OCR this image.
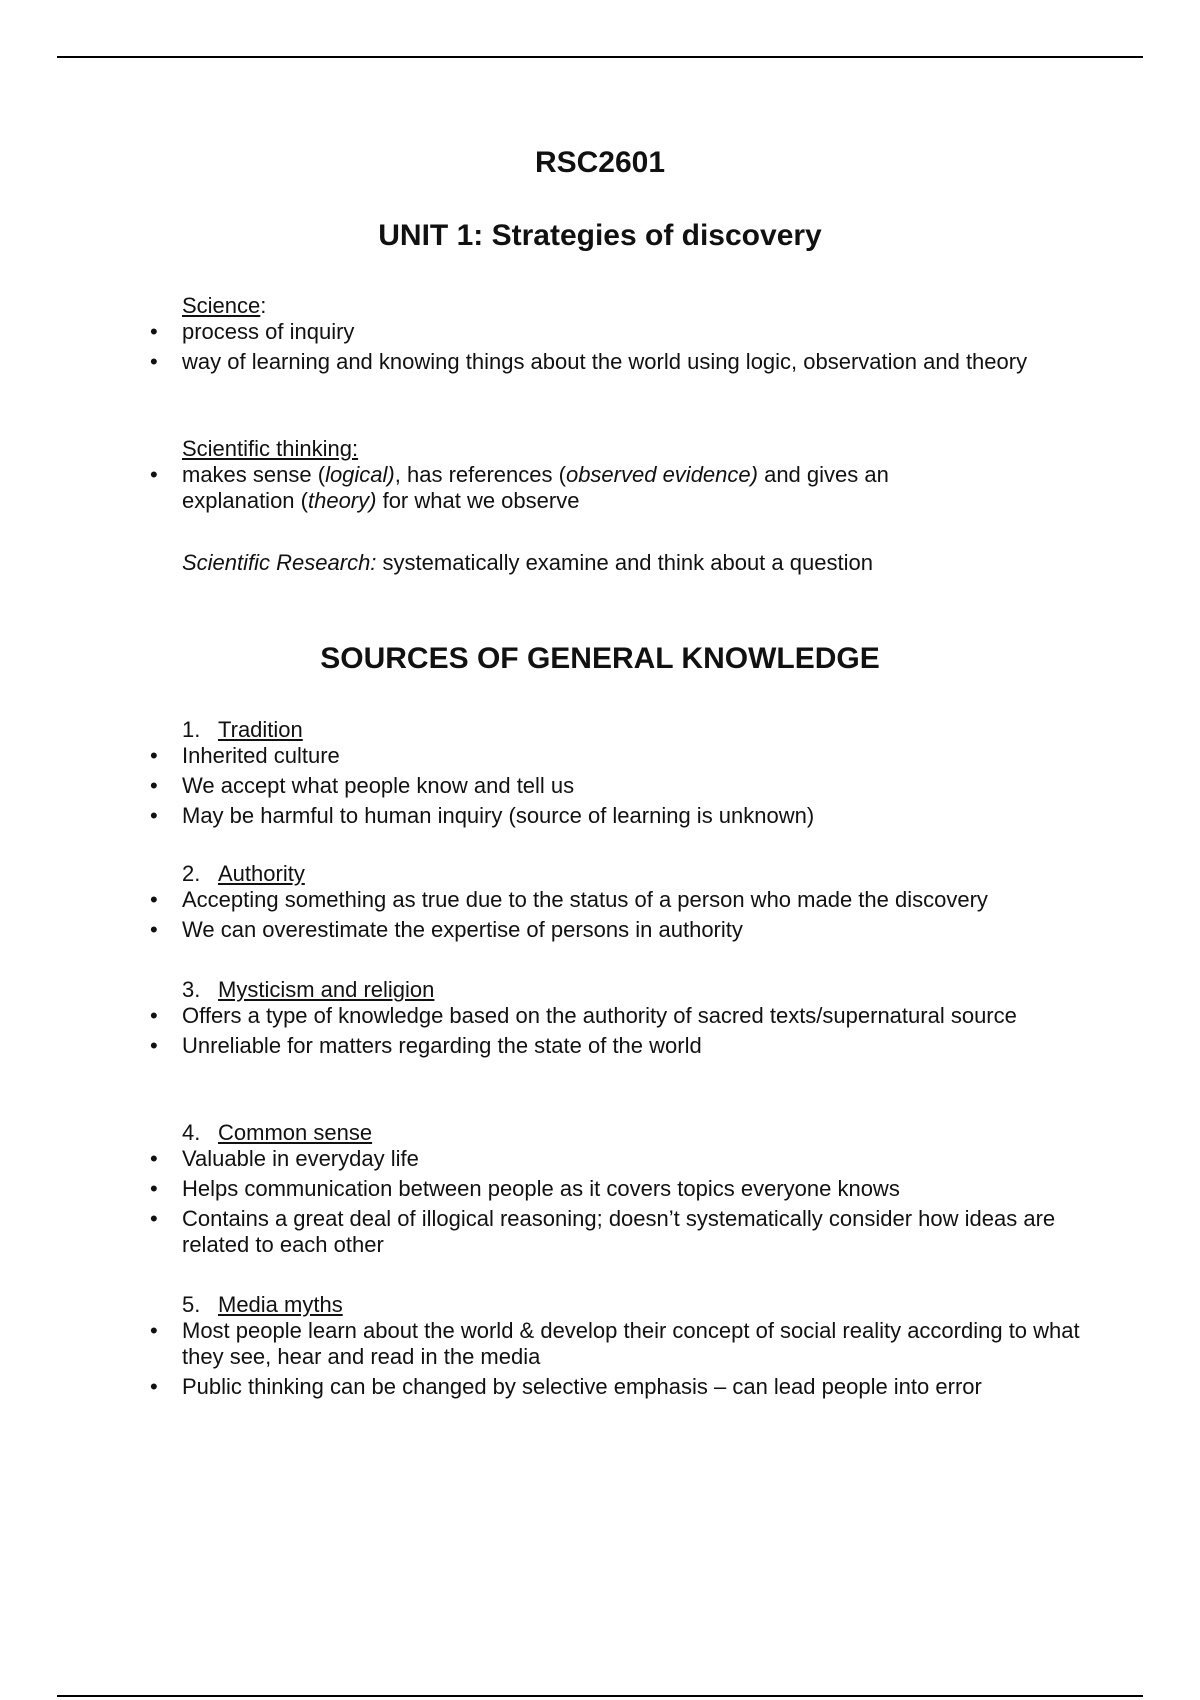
RSC2601
UNIT 1: Strategies of discovery
Science:
• process of inquiry
• way of learning and knowing things about the world using logic, observation and theory
Scientific thinking:
• makes sense (logical), has references (observed evidence) and gives an explanation (theory) for what we observe
Scientific Research: systematically examine and think about a question
SOURCES OF GENERAL KNOWLEDGE
1. Tradition
• Inherited culture
• We accept what people know and tell us
• May be harmful to human inquiry (source of learning is unknown)
2. Authority
• Accepting something as true due to the status of a person who made the discovery
• We can overestimate the expertise of persons in authority
3. Mysticism and religion
• Offers a type of knowledge based on the authority of sacred texts/supernatural source
• Unreliable for matters regarding the state of the world
4. Common sense
• Valuable in everyday life
• Helps communication between people as it covers topics everyone knows
• Contains a great deal of illogical reasoning; doesn’t systematically consider how ideas are related to each other
5. Media myths
• Most people learn about the world & develop their concept of social reality according to what they see, hear and read in the media
• Public thinking can be changed by selective emphasis – can lead people into error
